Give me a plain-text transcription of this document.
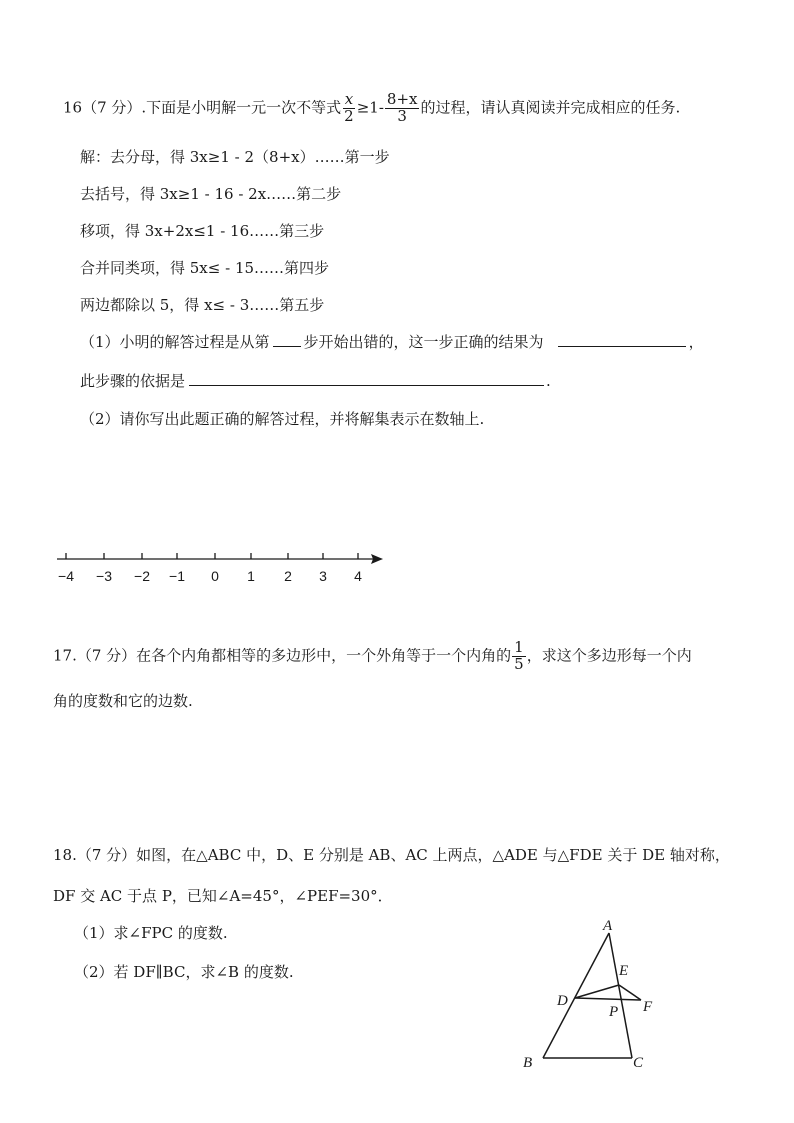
16（7 分）.下面是小明解一元一次不等式 $\frac{x}{2} \ge 1- \frac{8+x}{3}$ 的过程，请认真阅读并完成相应的任务.
解：去分母，得 3x≥1 - 2（8+x）……第一步
去括号，得 3x≥1 - 16 - 2x……第二步
移项，得 3x+2x≤1 - 16……第三步
合并同类项，得 5x≤ - 15……第四步
两边都除以 5，得 x≤ - 3……第五步
（1）小明的解答过程是从第 步开始出错的，这一步正确的结果为	，
此步骤的依据是	.
（2）请你写出此题正确的解答过程，并将解集表示在数轴上.
−4 −3 −2 −1 0 1 2 3 4
17.（7 分）在各个内角都相等的多边形中，一个外角等于一个内角的 $\frac{1}{5}$ ，求这个多边形每一个内
角的度数和它的边数.
18.（7 分）如图，在△ABC 中，D、E 分别是 AB、AC 上两点，△ADE 与△FDE 关于 DE 轴对称，
DF 交 AC 于点 P，已知∠A=45°，∠PEF=30°．
（1）求∠FPC 的度数.
（2）若 DF∥BC，求∠B 的度数.
A
E
D	F
P
B	C
